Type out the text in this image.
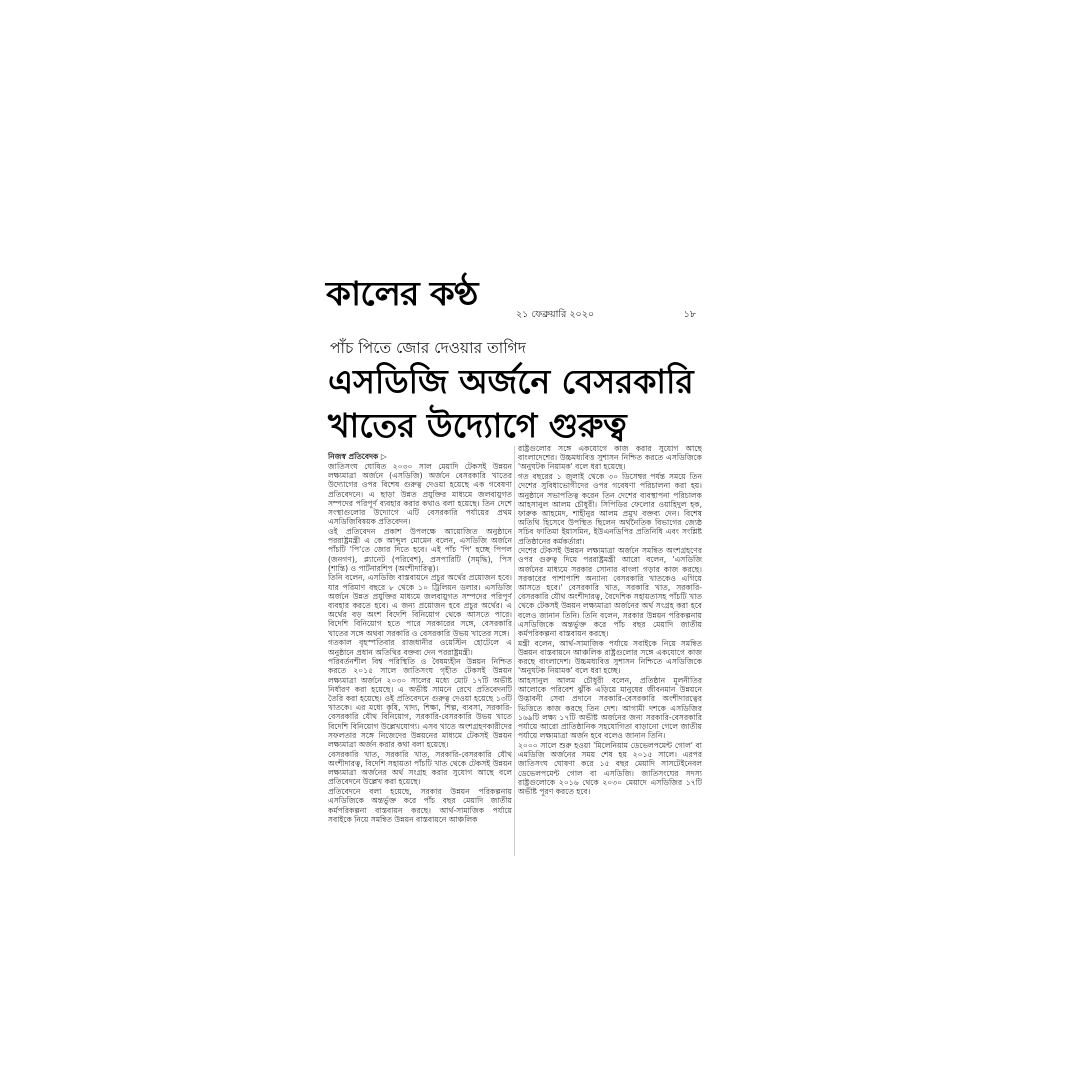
কালের কণ্ঠ
২১ ফেব্রুয়ারি ২০২০	১৮
পাঁচ পিতে জোর দেওয়ার তাগিদ
এসডিজি অর্জনে বেসরকারি
খাতের উদ্যোগে গুরুত্ব
নিজস্ব প্রতিবেদক ▷

জাতিসংঘ ঘোষিত ২০৩০ সাল মেয়াদি টেকসই উন্নয়ন লক্ষ্যমাত্রা অর্জনে (এসডিজি) অর্জনে বেসরকারি খাতের উদ্যোগের ওপর বিশেষ গুরুত্ব দেওয়া হয়েছে এক গবেষণা প্রতিবেদনে। এ ছাড়া উন্নত প্রযুক্তির মাধ্যমে জলবায়ুগত সম্পদের পরিপূর্ণ ব্যবহার করার কথাও বলা হয়েছে। তিন দেশে সংস্থাগুলোর উদ্যোগে এটি বেসরকারি পর্যায়ের প্রথম এসডিজিবিষয়ক প্রতিবেদন।

ওই প্রতিবেদন প্রকাশ উপলক্ষে আয়োজিত অনুষ্ঠানে পররাষ্ট্রমন্ত্রী এ কে আব্দুল মোমেন বলেন, এসডিজি অর্জনে পাঁচটি 'পি'তে জোর দিতে হবে। এই পাঁচ 'পি' হচ্ছে পিপল (জনগণ), প্ল্যানেট (পরিবেশ), প্রসপারিটি (সমৃদ্ধি), পিস (শান্তি) ও পার্টনারশিপ (অংশীদারিত্ব)।

তিনি বলেন, এসডিজি বাস্তবায়নে প্রচুর অর্থের প্রয়োজন হবে। যার পরিমাণ বছরে ৮ থেকে ১০ ট্রিলিয়ন ডলার। এসডিজি অর্জনে উন্নত প্রযুক্তির মাধ্যমে জলবায়ুগত সম্পদের পরিপূর্ণ ব্যবহার করতে হবে। এ জন্য প্রয়োজন হবে প্রচুর অর্থের। এ অর্থের বড় অংশ বিদেশি বিনিয়োগ থেকে আসতে পারে। বিদেশি বিনিয়োগ হতে পারে সরকারের সঙ্গে, বেসরকারি খাতের সঙ্গে অথবা সরকারি ও বেসরকারি উভয় খাতের সঙ্গে।

গতকাল বৃহস্পতিবার রাজধানীর ওয়েস্টিন হোটেলে এ অনুষ্ঠানে প্রধান অতিথির বক্তব্য দেন পররাষ্ট্রমন্ত্রী।

পরিবর্তনশীল বিশ্ব পরিস্থিতি ও বৈষম্যহীন উন্নয়ন নিশ্চিত করতে ২০১৫ সালে জাতিসংঘ গৃহীত টেকসই উন্নয়ন লক্ষ্যমাত্রা অর্জনে ২০৩০ সালের মধ্যে মোট ১৭টি অভীষ্ট নির্ধারণ করা হয়েছে। এ অভীষ্ট সামনে রেখে প্রতিবেদনটি তৈরি করা হয়েছে। ওই প্রতিবেদনে গুরুত্ব দেওয়া হয়েছে ১৩টি খাতকে। এর মধ্যে কৃষি, খাদ্য, শিক্ষা, শিল্প, ব্যবসা, সরকারি-বেসরকারি যৌথ বিনিয়োগ, সরকারি-বেসরকারি উভয় খাতে বিদেশি বিনিয়োগ উল্লেখযোগ্য। এসব খাতে অংশগ্রহণকারীদের সফলতার সঙ্গে নিজেদের উন্নয়নের মাধ্যমে টেকসই উন্নয়ন লক্ষ্যমাত্রা অর্জন করার কথা বলা হয়েছে।

বেসরকারি খাত, সরকারি খাত, সরকারি-বেসরকারি যৌথ অংশীদারত্ব, বিদেশি সহায়তা পাঁচটি খাত থেকে টেকসই উন্নয়ন লক্ষ্যমাত্রা অর্জনের অর্থ সংগ্রহ করার সুযোগ আছে বলে প্রতিবেদনে উল্লেখ করা হয়েছে।

প্রতিবেদনে বলা হয়েছে, সরকার উন্নয়ন পরিকল্পনায় এসডিজিকে অন্তর্ভুক্ত করে পাঁচ বছর মেয়াদি জাতীয় কর্মপরিকল্পনা বাস্তবায়ন করছে। আর্থ-সামাজিক পর্যায়ে সবাইকে নিয়ে সমন্বিত উন্নয়ন বাস্তবায়নে আঞ্চলিক

রাষ্ট্রগুলোর সঙ্গে একযোগে কাজ করার সুযোগ আছে বাংলাদেশের। উচ্চমধ্যবিত্ত সুশাসন নিশ্চিত করতে এসডিজিকে 'অনুঘটক নিয়ামক' বলে ধরা হয়েছে।

গত বছরের ১ জুলাই থেকে ৩০ ডিসেম্বর পর্যন্ত সময়ে তিন দেশের সুবিধাভোগীদের ওপর গবেষণা পরিচালনা করা হয়। অনুষ্ঠানে সভাপতিত্ব করেন তিন দেশের ব্যবস্থাপনা পরিচালক আহসানুল আলম চৌধুরী। সিপিডির ফেলোর ওয়াহিদুল হক, ফারুক আহমেদ, শাহীনুর আলম প্রমুখ বক্তব্য দেন। বিশেষ অতিথি হিসেবে উপস্থিত ছিলেন অর্থনৈতিক বিভাগের জ্যেষ্ঠ সচিব ফাতিমা ইয়াসমিন, ইউএনডিপির প্রতিনিধি এবং সংশ্লিষ্ট প্রতিষ্ঠানের কর্মকর্তারা।

দেশের টেকসই উন্নয়ন লক্ষ্যমাত্রা অর্জনে সমন্বিত অংশগ্রহণের ওপর গুরুত্ব দিয়ে পররাষ্ট্রমন্ত্রী আরো বলেন, 'এসডিজি অর্জনের মাধ্যমে সরকার সোনার বাংলা গড়ার কাজ করছে। সরকারের পাশাপাশি অন্যান্য বেসরকারি খাতকেও এগিয়ে আসতে হবে।' বেসরকারি খাত, সরকারি খাত, সরকারি-বেসরকারি যৌথ অংশীদারত্ব, বৈদেশিক সহায়তাসহ পাঁচটি খাত থেকে টেকসই উন্নয়ন লক্ষ্যমাত্রা অর্জনের অর্থ সংগ্রহ করা হবে বলেও জানান তিনি। তিনি বলেন, সরকার উন্নয়ন পরিকল্পনায় এসডিজিকে অন্তর্ভুক্ত করে পাঁচ বছর মেয়াদি জাতীয় কর্মপরিকল্পনা বাস্তবায়ন করছে।

মন্ত্রী বলেন, আর্থ-সামাজিক পর্যায়ে সবাইকে নিয়ে সমন্বিত উন্নয়ন বাস্তবায়নে আঞ্চলিক রাষ্ট্রগুলোর সঙ্গে একযোগে কাজ করছে বাংলাদেশ। উচ্চমধ্যবিত্ত সুশাসন নিশ্চিতে এসডিজিকে 'অনুঘটক নিয়ামক' বলে ধরা হচ্ছে।

আহসানুল আলম চৌধুরী বলেন, প্রতিষ্ঠান মূলনীতির আলোকে পরিবেশ ঝুঁকি এড়িয়ে মানুষের জীবনমান উন্নয়নে উদ্ভাবনী সেবা প্রদানে সরকারি-বেসরকারি অংশীদারত্বের ভিত্তিতে কাজ করছে তিন দেশ। আগামী দশকে এসডিজির ১৬৯টি লক্ষ্য ১৭টি অভীষ্ট অর্জনের জন্য সরকারি-বেসরকারি পর্যায়ে আরো প্রাতিষ্ঠানিক সহযোগিতা বাড়ানো গেলে জাতীয় পর্যায়ে লক্ষ্যমাত্রা অর্জন হবে বলেও জানান তিনি।

২০০০ সালে শুরু হওয়া 'মিলেনিয়াম ডেভেলপমেন্ট গোল' বা এমডিজি অর্জনের সময় শেষ হয় ২০১৫ সালে। এরপর জাতিসংঘ ঘোষণা করে ১৫ বছর মেয়াদি সাসটেইনেবল ডেভেলপমেন্ট গোল বা এসডিজি। জাতিসংঘের সদস্য রাষ্ট্রগুলোকে ২০১৬ থেকে ২০৩০ মেয়াদে এসডিজির ১৭টি অভীষ্ট পূরণ করতে হবে।
